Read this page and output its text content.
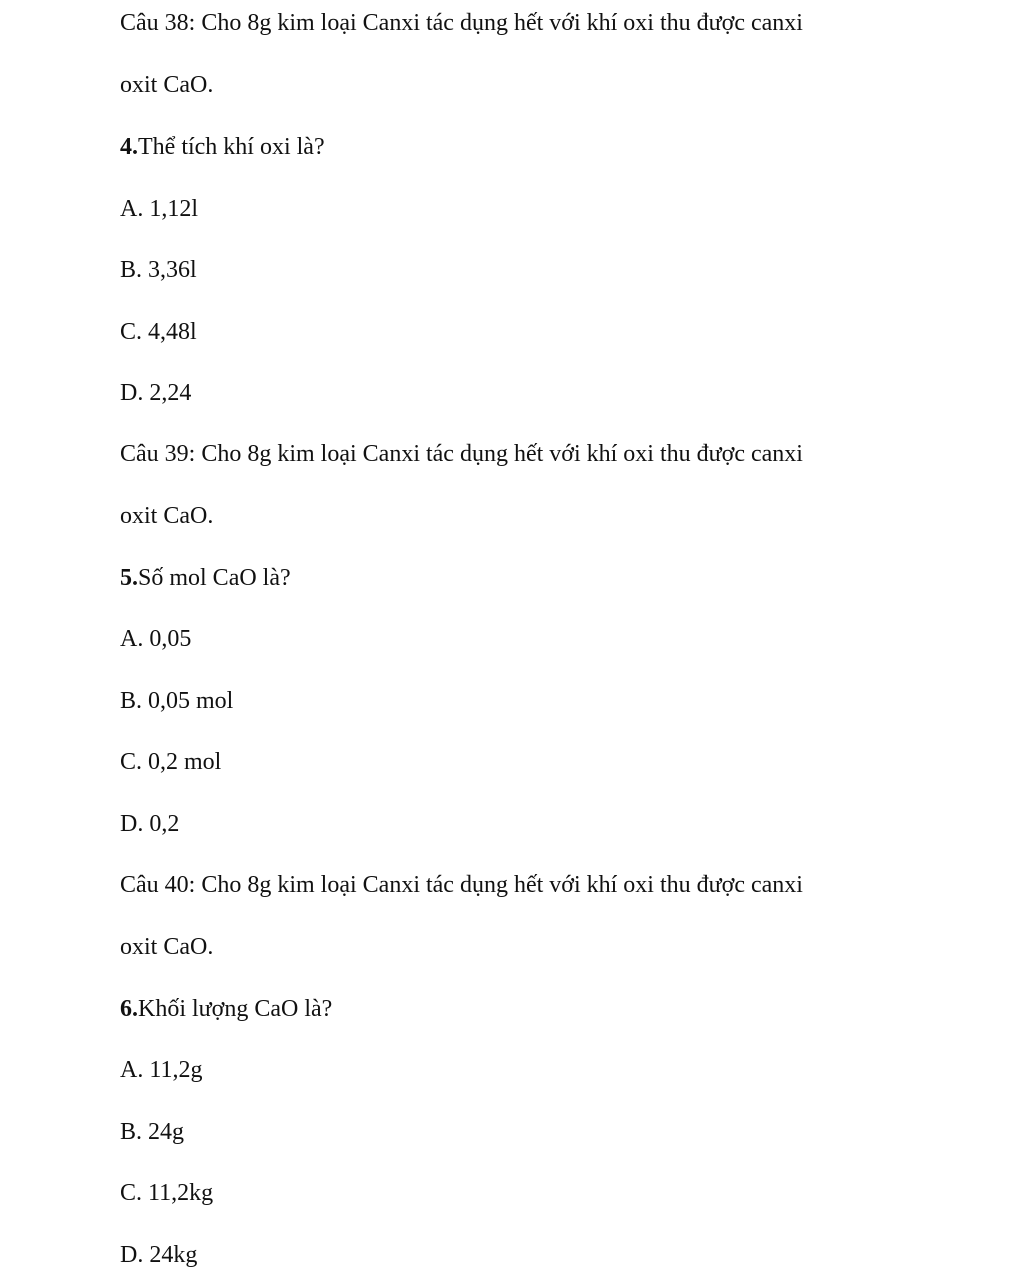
Câu 38: Cho 8g kim loại Canxi tác dụng hết với khí oxi thu được canxi
oxit CaO.
4.Thể tích khí oxi là?
A. 1,12l
B. 3,36l
C. 4,48l
D. 2,24
Câu 39: Cho 8g kim loại Canxi tác dụng hết với khí oxi thu được canxi
oxit CaO.
5.Số mol CaO là?
A. 0,05
B. 0,05 mol
C. 0,2 mol
D. 0,2
Câu 40: Cho 8g kim loại Canxi tác dụng hết với khí oxi thu được canxi
oxit CaO.
6.Khối lượng CaO là?
A. 11,2g
B. 24g
C. 11,2kg
D. 24kg
